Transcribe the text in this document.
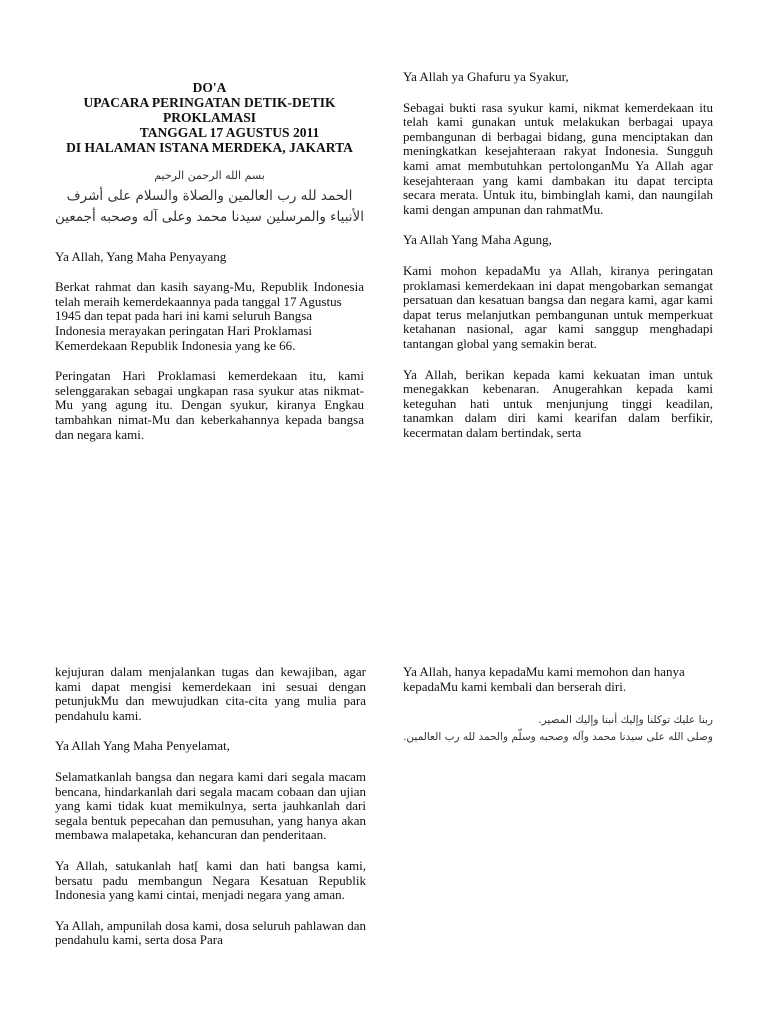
DO'A
UPACARA PERINGATAN DETIK-DETIK
PROKLAMASI
TANGGAL 17 AGUSTUS 2011
DI HALAMAN ISTANA MERDEKA, JAKARTA
بسم الله الرحمن الرحيم
الحمد لله رب العالمين والصلاة والسلام على أشرف
الأنبياء والمرسلين سيدنا محمد وعلى آله وصحبه أجمعين

Ya Allah, Yang Maha Penyayang

Berkat rahmat dan kasih sayang-Mu, Republik Indonesia telah meraih kemerdekaannya pada tanggal 17 Agustus

1945 dan tepat pada hari ini kami seluruh Bangsa Indonesia merayakan peringatan Hari Proklamasi Kemerdekaan Republik Indonesia yang ke 66.

Peringatan Hari Proklamasi kemerdekaan itu, kami selenggarakan sebagai ungkapan rasa syukur atas nikmat-Mu yang agung itu. Dengan syukur, kiranya Engkau tambahkan nimat-Mu dan keberkahannya kepada bangsa dan negara kami.

Ya Allah ya Ghafuru ya Syakur,

Sebagai bukti rasa syukur kami, nikmat kemerdekaan itu telah kami gunakan untuk melakukan berbagai upaya pembangunan di berbagai bidang, guna menciptakan dan meningkatkan kesejahteraan rakyat Indonesia. Sungguh kami amat membutuhkan pertolonganMu Ya Allah agar kesejahteraan yang kami dambakan itu dapat tercipta secara merata. Untuk itu, bimbinglah kami, dan naungilah kami dengan ampunan dan rahmatMu.

Ya Allah Yang Maha Agung,

Kami mohon kepadaMu ya Allah, kiranya peringatan proklamasi kemerdekaan ini dapat mengobarkan semangat persatuan dan kesatuan bangsa dan negara kami, agar kami dapat terus melanjutkan pembangunan untuk memperkuat ketahanan nasional, agar kami sanggup menghadapi tantangan global yang semakin berat.

Ya Allah, berikan kepada kami kekuatan iman untuk menegakkan kebenaran. Anugerahkan kepada kami keteguhan hati untuk menjunjung tinggi keadilan, tanamkan dalam diri kami kearifan dalam berfikir, kecermatan dalam bertindak, serta

kejujuran dalam menjalankan tugas dan kewajiban, agar kami dapat mengisi kemerdekaan ini sesuai dengan petunjukMu dan mewujudkan cita-cita yang mulia para pendahulu kami.

Ya Allah Yang Maha Penyelamat,

Selamatkanlah bangsa dan negara kami dari segala macam bencana, hindarkanlah dari segala macam cobaan dan ujian yang kami tidak kuat memikulnya, serta jauhkanlah dari segala bentuk pepecahan dan pemusuhan, yang hanya akan membawa malapetaka, kehancuran dan penderitaan.

Ya Allah, satukanlah hat[ kami dan hati bangsa kami, bersatu padu membangun Negara Kesatuan Republik Indonesia yang kami cintai, menjadi negara yang aman.

Ya Allah, ampunilah dosa kami, dosa seluruh pahlawan dan pendahulu kami, serta dosa Para

Ya Allah, hanya kepadaMu kami memohon dan hanya kepadaMu kami kembali dan berserah diri.

ربنا عليك توكلنا وإليك أنبنا وإليك المصير.
وصلى الله على سيدنا محمد وآله وصحبه وسلّم والحمد لله رب العالمين.
